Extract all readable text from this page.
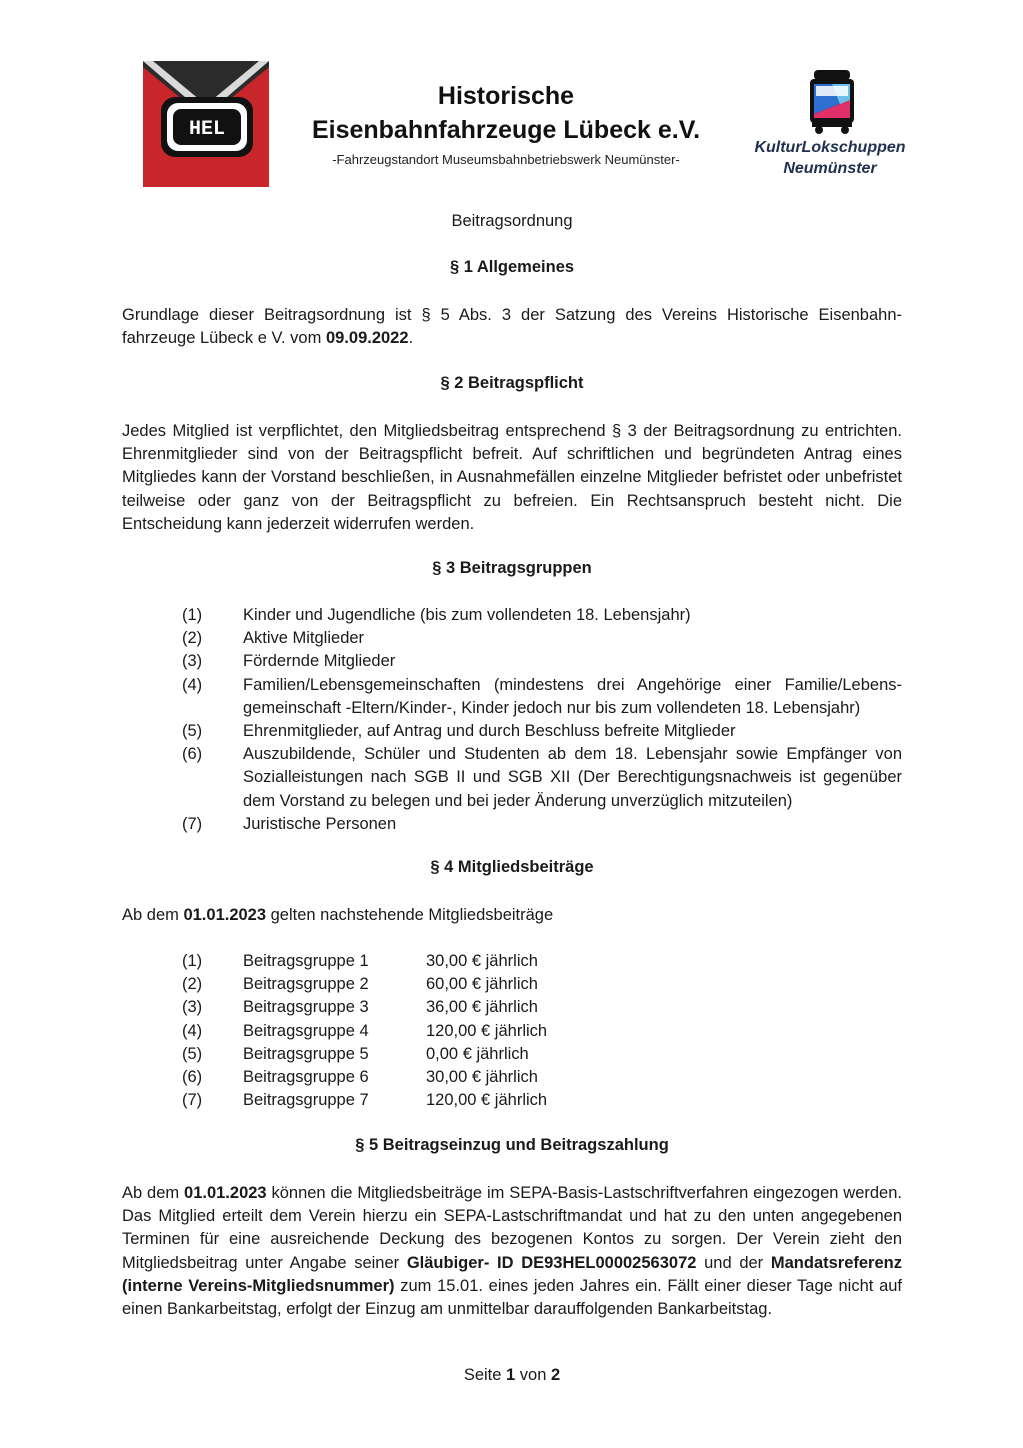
HEL
Historische
Eisenbahnfahrzeuge Lübeck e.V.
-Fahrzeugstandort Museumsbahnbetriebswerk Neumünster-
KulturLokschuppen
Neumünster
Beitragsordnung
§ 1 Allgemeines
Grundlage dieser Beitragsordnung ist § 5 Abs. 3 der Satzung des Vereins Historische Eisenbahn-fahrzeuge Lübeck e V. vom 09.09.2022.
§ 2 Beitragspflicht
Jedes Mitglied ist verpflichtet, den Mitgliedsbeitrag entsprechend § 3 der Beitragsordnung zu entrichten. Ehrenmitglieder sind von der Beitragspflicht befreit. Auf schriftlichen und begründeten Antrag eines Mitgliedes kann der Vorstand beschließen, in Ausnahmefällen einzelne Mitglieder befristet oder unbefristet teilweise oder ganz von der Beitragspflicht zu befreien. Ein Rechtsanspruch besteht nicht. Die Entscheidung kann jederzeit widerrufen werden.
§ 3 Beitragsgruppen
(1)	Kinder und Jugendliche (bis zum vollendeten 18. Lebensjahr)
(2)	Aktive Mitglieder
(3)	Fördernde Mitglieder
(4)	Familien/Lebensgemeinschaften (mindestens drei Angehörige einer Familie/Lebens-gemeinschaft -Eltern/Kinder-, Kinder jedoch nur bis zum vollendeten 18. Lebensjahr)
(5)	Ehrenmitglieder, auf Antrag und durch Beschluss befreite Mitglieder
(6)	Auszubildende, Schüler und Studenten ab dem 18. Lebensjahr sowie Empfänger von Sozialleistungen nach SGB II und SGB XII (Der Berechtigungsnachweis ist gegenüber dem Vorstand zu belegen und bei jeder Änderung unverzüglich mitzuteilen)
(7)	Juristische Personen
§ 4 Mitgliedsbeiträge
Ab dem 01.01.2023 gelten nachstehende Mitgliedsbeiträge
(1)	Beitragsgruppe 1	30,00 € jährlich
(2)	Beitragsgruppe 2	60,00 € jährlich
(3)	Beitragsgruppe 3	36,00 € jährlich
(4)	Beitragsgruppe 4	120,00 € jährlich
(5)	Beitragsgruppe 5	0,00 € jährlich
(6)	Beitragsgruppe 6	30,00 € jährlich
(7)	Beitragsgruppe 7	120,00 € jährlich
§ 5 Beitragseinzug und Beitragszahlung
Ab dem 01.01.2023 können die Mitgliedsbeiträge im SEPA-Basis-Lastschriftverfahren eingezogen werden. Das Mitglied erteilt dem Verein hierzu ein SEPA-Lastschriftmandat und hat zu den unten angegebenen Terminen für eine ausreichende Deckung des bezogenen Kontos zu sorgen. Der Verein zieht den Mitgliedsbeitrag unter Angabe seiner Gläubiger- ID DE93HEL00002563072 und der Mandatsreferenz (interne Vereins-Mitgliedsnummer) zum 15.01. eines jeden Jahres ein. Fällt einer dieser Tage nicht auf einen Bankarbeitstag, erfolgt der Einzug am unmittelbar darauffolgenden Bankarbeitstag.
Seite 1 von 2
